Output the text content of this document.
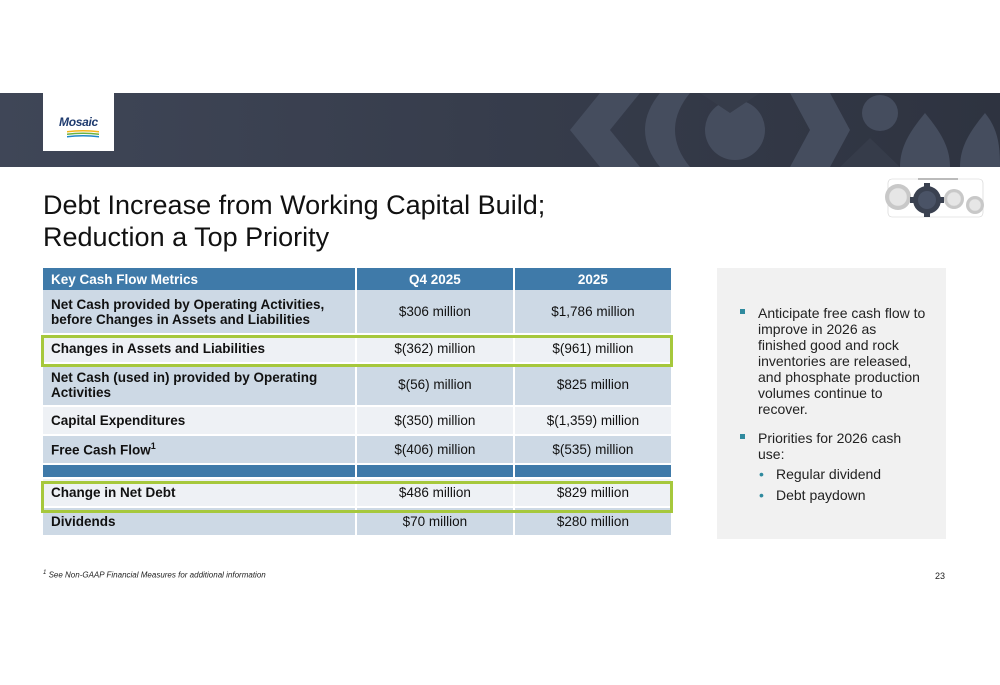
Mosaic
Debt Increase from Working Capital Build;
Reduction a Top Priority
Key Cash Flow Metrics	Q4 2025	2025
Net Cash provided by Operating Activities, before Changes in Assets and Liabilities	$306 million	$1,786 million
Changes in Assets and Liabilities	$(362) million	$(961) million
Net Cash (used in) provided by Operating Activities	$(56) million	$825 million
Capital Expenditures	$(350) million	$(1,359) million
Free Cash Flow$^1$	$(406) million	$(535) million

Change in Net Debt	$486 million	$829 million
Dividends	$70 million	$280 million
Anticipate free cash flow to improve in 2026 as finished good and rock inventories are released, and phosphate production volumes continue to recover.
Priorities for 2026 cash use:
• Regular dividend
• Debt paydown
$^1$ See Non-GAAP Financial Measures for additional information	23
